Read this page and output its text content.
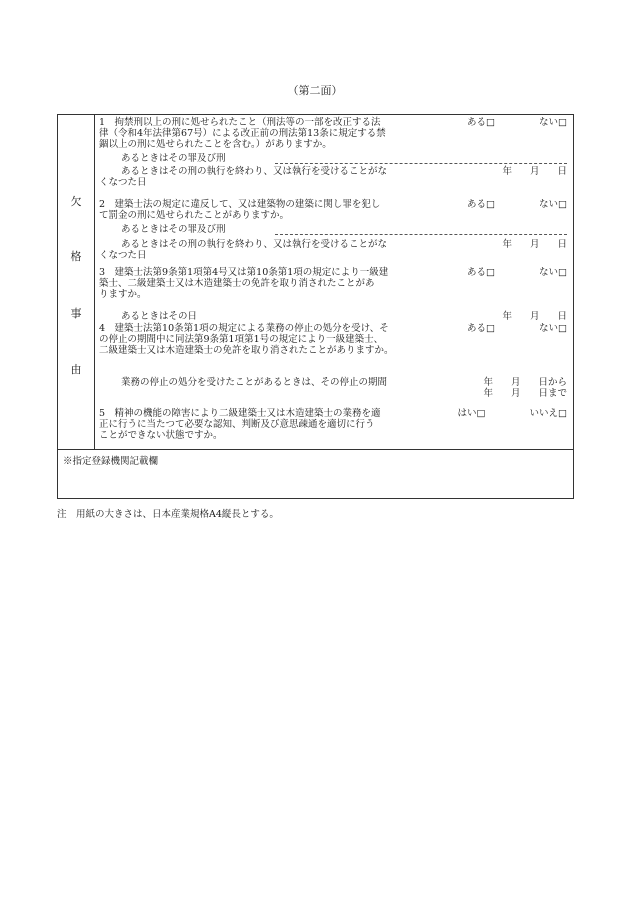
（第二面）
欠
格
事
由
1　拘禁刑以上の刑に処せられたこと（刑法等の一部を改正する法
律（令和4年法律第67号）による改正前の刑法第13条に規定する禁
錮以上の刑に処せられたことを含む。）がありますか。
ある□	ない□
あるときはその罪及び刑
あるときはその刑の執行を終わり、又は執行を受けることがな
くなつた日
年 月 日
2　建築士法の規定に違反して、又は建築物の建築に関し罪を犯し
て罰金の刑に処せられたことがありますか。
ある□	ない□
あるときはその罪及び刑
あるときはその刑の執行を終わり、又は執行を受けることがな
くなつた日
年 月 日
3　建築士法第9条第1項第4号又は第10条第1項の規定により一級建
築士、二級建築士又は木造建築士の免許を取り消されたことがあ
りますか。
ある□	ない□
あるときはその日	年 月 日
4　建築士法第10条第1項の規定による業務の停止の処分を受け、そ
の停止の期間中に同法第9条第1項第1号の規定により一級建築士、
二級建築士又は木造建築士の免許を取り消されたことがありますか。
ある□	ない□
業務の停止の処分を受けたことがあるときは、その停止の期間	年 月 日から
年 月 日まで
5　精神の機能の障害により二級建築士又は木造建築士の業務を適
正に行うに当たつて必要な認知、判断及び意思疎通を適切に行う
ことができない状態ですか。
はい□	いいえ□
※指定登録機関記載欄
注　用紙の大きさは、日本産業規格A4縦長とする。
